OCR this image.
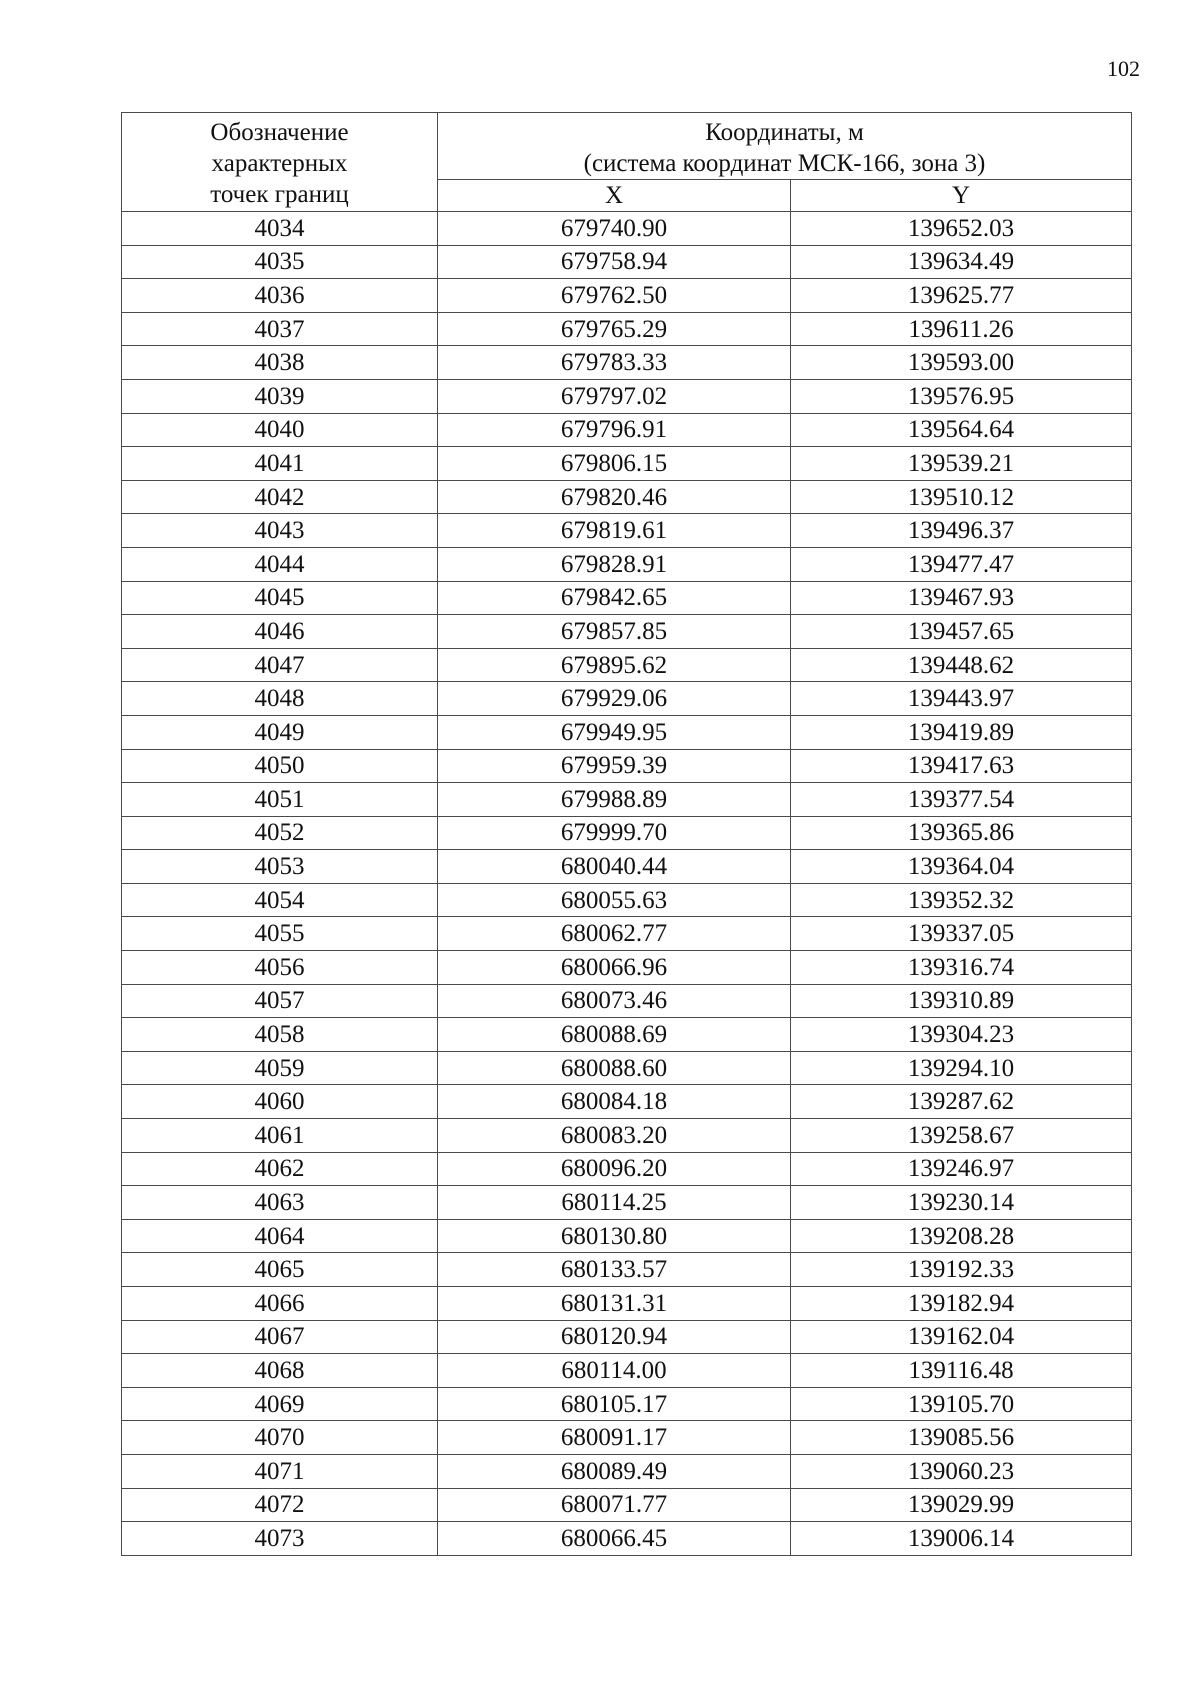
102
Обозначение
характерных
точек границ	Координаты, м
(система координат МСК-166, зона 3)	

	X	Y
4034	679740.90	139652.03
4035	679758.94	139634.49
4036	679762.50	139625.77
4037	679765.29	139611.26
4038	679783.33	139593.00
4039	679797.02	139576.95
4040	679796.91	139564.64
4041	679806.15	139539.21
4042	679820.46	139510.12
4043	679819.61	139496.37
4044	679828.91	139477.47
4045	679842.65	139467.93
4046	679857.85	139457.65
4047	679895.62	139448.62
4048	679929.06	139443.97
4049	679949.95	139419.89
4050	679959.39	139417.63
4051	679988.89	139377.54
4052	679999.70	139365.86
4053	680040.44	139364.04
4054	680055.63	139352.32
4055	680062.77	139337.05
4056	680066.96	139316.74
4057	680073.46	139310.89
4058	680088.69	139304.23
4059	680088.60	139294.10
4060	680084.18	139287.62
4061	680083.20	139258.67
4062	680096.20	139246.97
4063	680114.25	139230.14
4064	680130.80	139208.28
4065	680133.57	139192.33
4066	680131.31	139182.94
4067	680120.94	139162.04
4068	680114.00	139116.48
4069	680105.17	139105.70
4070	680091.17	139085.56
4071	680089.49	139060.23
4072	680071.77	139029.99
4073	680066.45	139006.14
